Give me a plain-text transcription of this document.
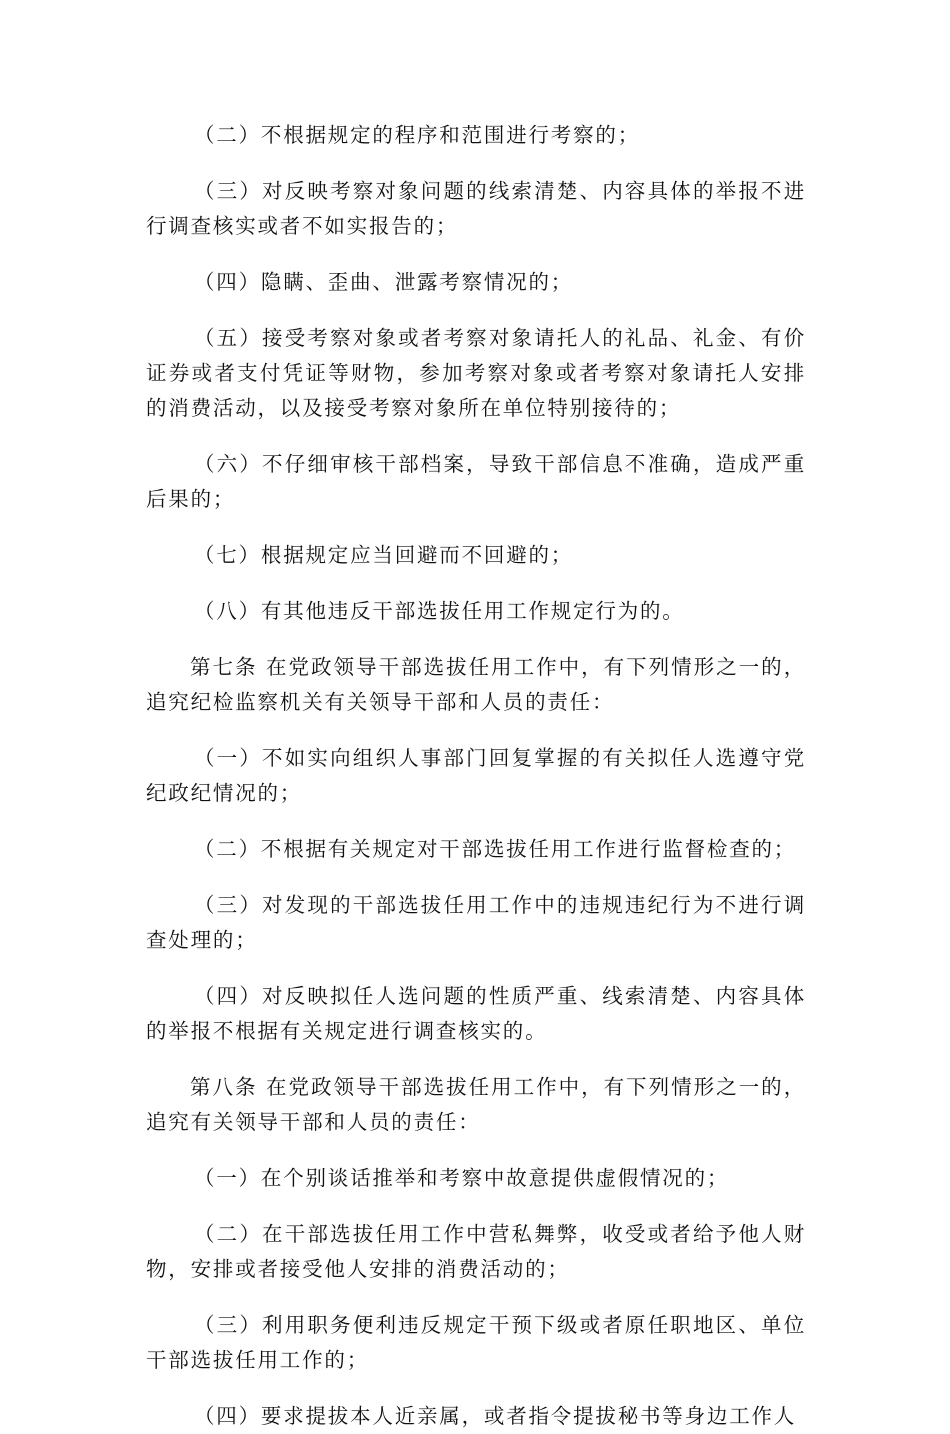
（二）不根据规定的程序和范围进行考察的；

（三）对反映考察对象问题的线索清楚、内容具体的举报不进行调查核实或者不如实报告的；

（四）隐瞒、歪曲、泄露考察情况的；

（五）接受考察对象或者考察对象请托人的礼品、礼金、有价证券或者支付凭证等财物，参加考察对象或者考察对象请托人安排的消费活动，以及接受考察对象所在单位特别接待的；

（六）不仔细审核干部档案，导致干部信息不准确，造成严重后果的；

（七）根据规定应当回避而不回避的；

（八）有其他违反干部选拔任用工作规定行为的。

第七条 在党政领导干部选拔任用工作中，有下列情形之一的，追究纪检监察机关有关领导干部和人员的责任：

（一）不如实向组织人事部门回复掌握的有关拟任人选遵守党纪政纪情况的；

（二）不根据有关规定对干部选拔任用工作进行监督检查的；

（三）对发现的干部选拔任用工作中的违规违纪行为不进行调查处理的；

（四）对反映拟任人选问题的性质严重、线索清楚、内容具体的举报不根据有关规定进行调查核实的。

第八条 在党政领导干部选拔任用工作中，有下列情形之一的，追究有关领导干部和人员的责任：

（一）在个别谈话推举和考察中故意提供虚假情况的；

（二）在干部选拔任用工作中营私舞弊，收受或者给予他人财物，安排或者接受他人安排的消费活动的；

（三）利用职务便利违反规定干预下级或者原任职地区、单位干部选拔任用工作的；

（四）要求提拔本人近亲属，或者指令提拔秘书等身边工作人
